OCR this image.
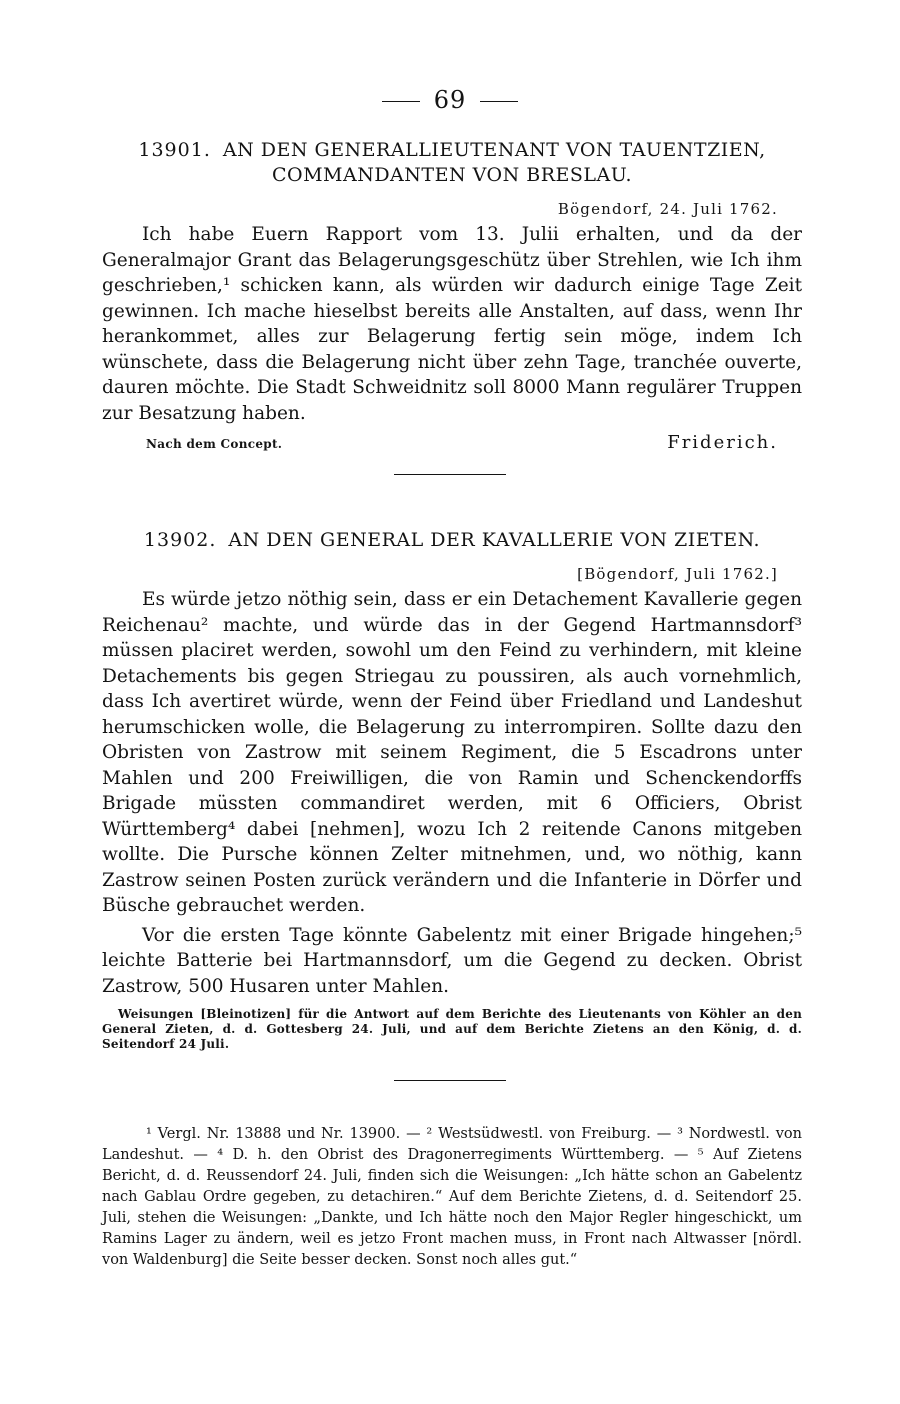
69

13901. AN DEN GENERALLIEUTENANT VON TAUENTZIEN,
COMMANDANTEN VON BRESLAU.

Bögendorf, 24. Juli 1762.

Ich habe Euern Rapport vom 13. Julii erhalten, und da der Generalmajor Grant das Belagerungsgeschütz über Strehlen, wie Ich ihm geschrieben,¹ schicken kann, als würden wir dadurch einige Tage Zeit gewinnen. Ich mache hieselbst bereits alle Anstalten, auf dass, wenn Ihr herankommet, alles zur Belagerung fertig sein möge, indem Ich wünschete, dass die Belagerung nicht über zehn Tage, tranchée ouverte, dauren möchte. Die Stadt Schweidnitz soll 8000 Mann regulärer Truppen zur Besatzung haben.

Nach dem Concept.	Friderich.

13902. AN DEN GENERAL DER KAVALLERIE VON ZIETEN.

[Bögendorf, Juli 1762.]

Es würde jetzo nöthig sein, dass er ein Detachement Kavallerie gegen Reichenau² machte, und würde das in der Gegend Hartmannsdorf³ müssen placiret werden, sowohl um den Feind zu verhindern, mit kleine Detachements bis gegen Striegau zu poussiren, als auch vornehmlich, dass Ich avertiret würde, wenn der Feind über Friedland und Landeshut herumschicken wolle, die Belagerung zu interrompiren. Sollte dazu den Obristen von Zastrow mit seinem Regiment, die 5 Escadrons unter Mahlen und 200 Freiwilligen, die von Ramin und Schenckendorffs Brigade müssten commandiret werden, mit 6 Officiers, Obrist Württemberg⁴ dabei [nehmen], wozu Ich 2 reitende Canons mitgeben wollte. Die Pursche können Zelter mitnehmen, und, wo nöthig, kann Zastrow seinen Posten zurück verändern und die Infanterie in Dörfer und Büsche gebrauchet werden.

Vor die ersten Tage könnte Gabelentz mit einer Brigade hingehen;⁵ leichte Batterie bei Hartmannsdorf, um die Gegend zu decken. Obrist Zastrow, 500 Husaren unter Mahlen.

Weisungen [Bleinotizen] für die Antwort auf dem Berichte des Lieutenants von Köhler an den General Zieten, d. d. Gottesberg 24. Juli, und auf dem Berichte Zietens an den König, d. d. Seitendorf 24 Juli.

¹ Vergl. Nr. 13888 und Nr. 13900. — ² Westsüdwestl. von Freiburg. — ³ Nordwestl. von Landeshut. — ⁴ D. h. den Obrist des Dragonerregiments Württemberg. — ⁵ Auf Zietens Bericht, d. d. Reussendorf 24. Juli, finden sich die Weisungen: „Ich hätte schon an Gabelentz nach Gablau Ordre gegeben, zu detachiren.“ Auf dem Berichte Zietens, d. d. Seitendorf 25. Juli, stehen die Weisungen: „Dankte, und Ich hätte noch den Major Regler hingeschickt, um Ramins Lager zu ändern, weil es jetzo Front machen muss, in Front nach Altwasser [nördl. von Waldenburg] die Seite besser decken. Sonst noch alles gut.“
